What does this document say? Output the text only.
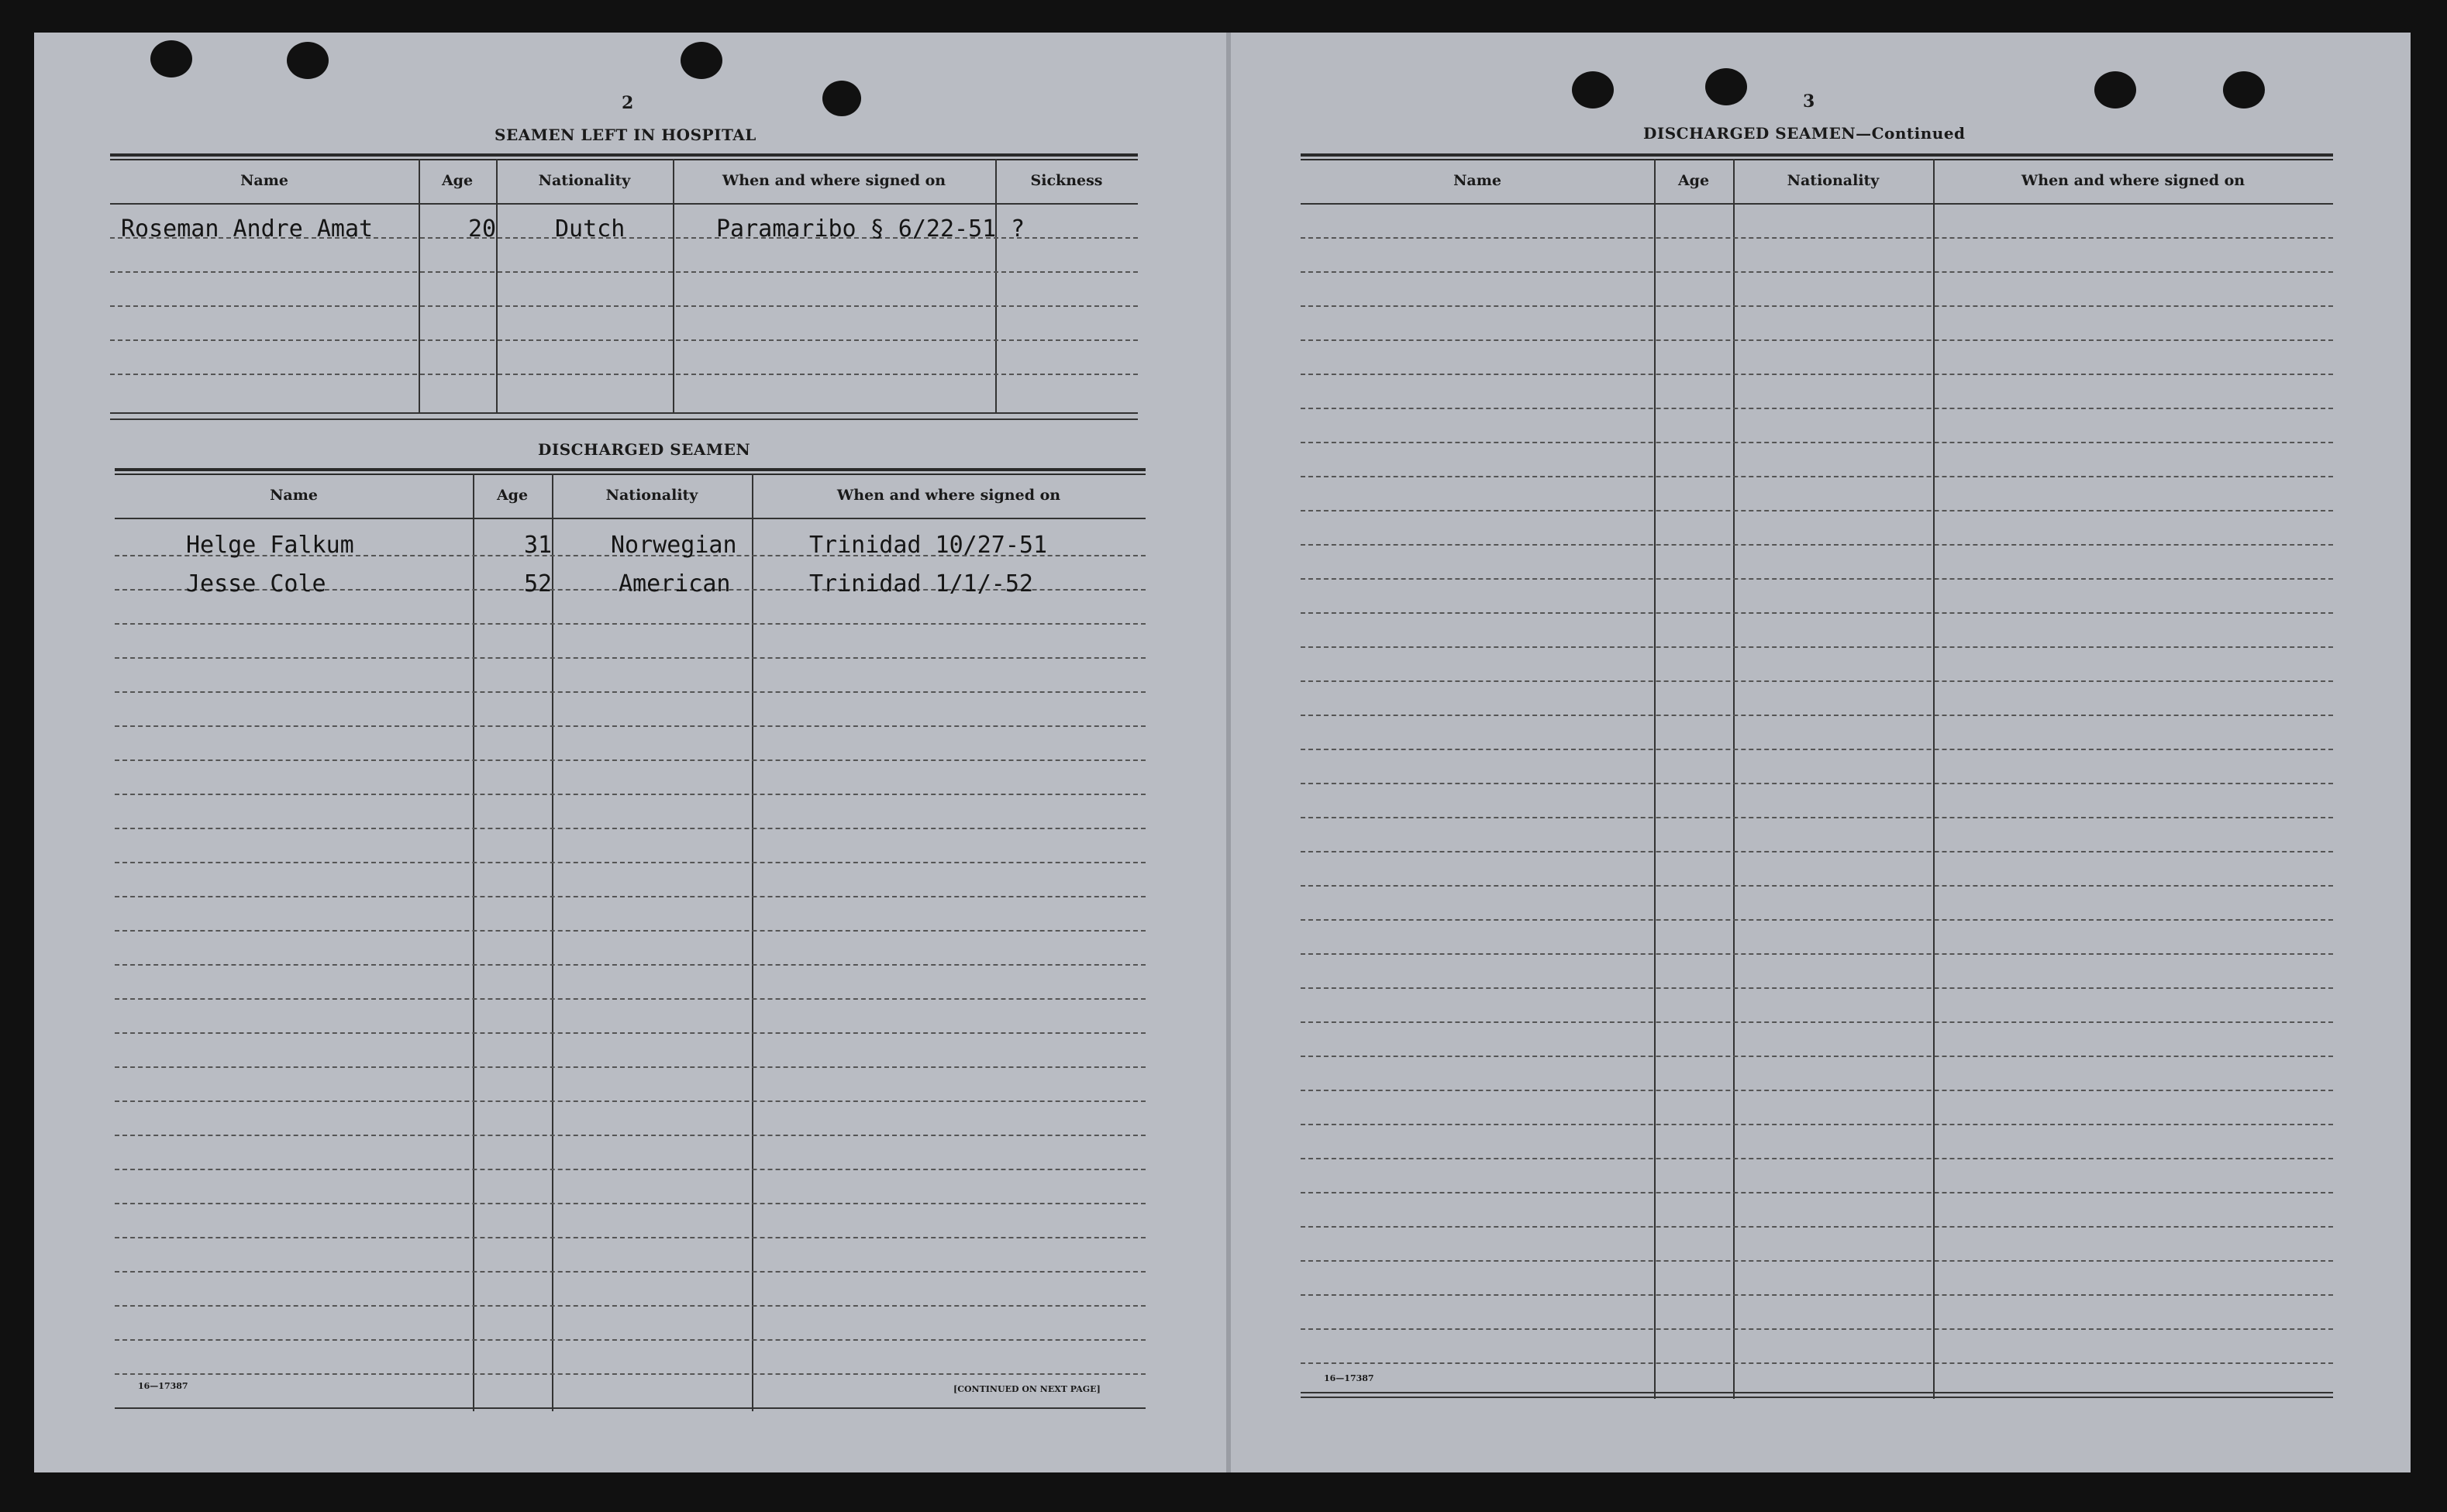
2
SEAMEN LEFT IN HOSPITAL
Name	Age	Nationality	When and where signed on	Sickness
Roseman Andre Amat	20	Dutch	Paramaribo § 6/22-51 ?
DISCHARGED SEAMEN
Name	Age	Nationality	When and where signed on
Helge Falkum	31	Norwegian	Trinidad 10/27-51
Jesse Cole	52	American	Trinidad 1/1/-52
16—17387	[CONTINUED ON NEXT PAGE]
3
DISCHARGED SEAMEN—Continued
Name	Age	Nationality	When and where signed on
16—17387
